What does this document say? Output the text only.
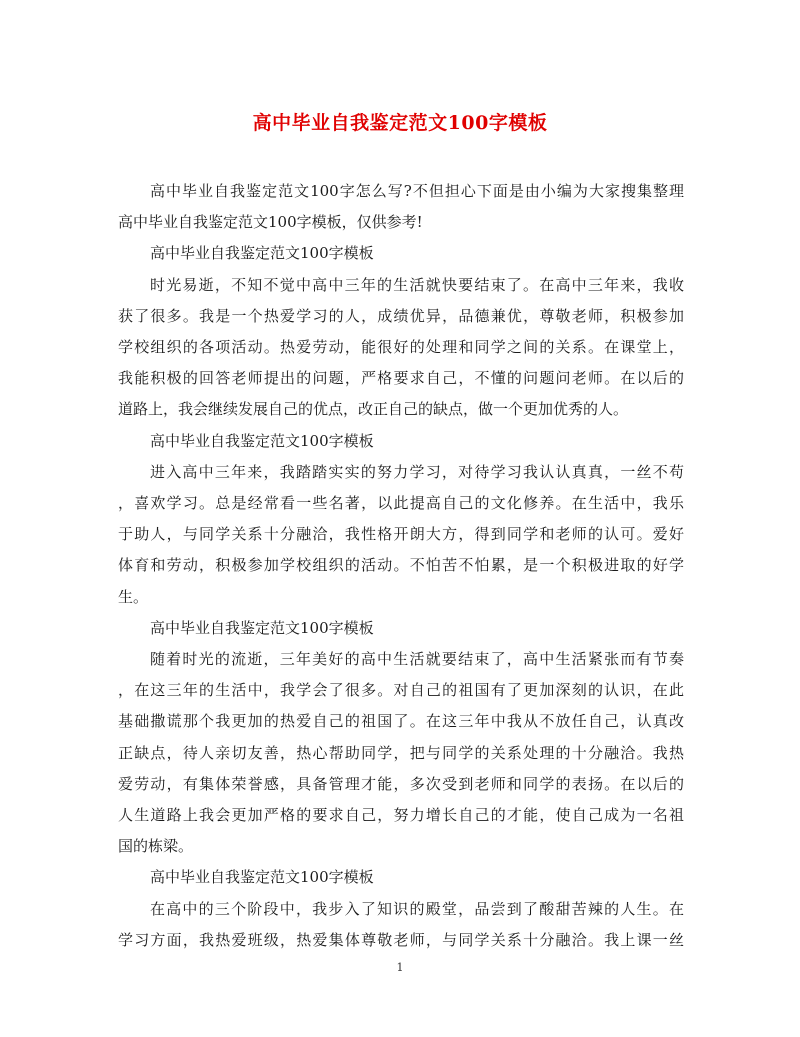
高中毕业自我鉴定范文100字模板
高中毕业自我鉴定范文100字怎么写?不但担心下面是由小编为大家搜集整理
高中毕业自我鉴定范文100字模板，仅供参考!
高中毕业自我鉴定范文100字模板
时光易逝，不知不觉中高中三年的生活就快要结束了。在高中三年来，我收
获了很多。我是一个热爱学习的人，成绩优异，品德兼优，尊敬老师，积极参加
学校组织的各项活动。热爱劳动，能很好的处理和同学之间的关系。在课堂上，
我能积极的回答老师提出的问题，严格要求自己，不懂的问题问老师。在以后的
道路上，我会继续发展自己的优点，改正自己的缺点，做一个更加优秀的人。
高中毕业自我鉴定范文100字模板
进入高中三年来，我踏踏实实的努力学习，对待学习我认认真真，一丝不苟
，喜欢学习。总是经常看一些名著，以此提高自己的文化修养。在生活中，我乐
于助人，与同学关系十分融洽，我性格开朗大方，得到同学和老师的认可。爱好
体育和劳动，积极参加学校组织的活动。不怕苦不怕累，是一个积极进取的好学
生。
高中毕业自我鉴定范文100字模板
随着时光的流逝，三年美好的高中生活就要结束了，高中生活紧张而有节奏
，在这三年的生活中，我学会了很多。对自己的祖国有了更加深刻的认识，在此
基础撒谎那个我更加的热爱自己的祖国了。在这三年中我从不放任自己，认真改
正缺点，待人亲切友善，热心帮助同学，把与同学的关系处理的十分融洽。我热
爱劳动，有集体荣誉感，具备管理才能，多次受到老师和同学的表扬。在以后的
人生道路上我会更加严格的要求自己，努力增长自己的才能，使自己成为一名祖
国的栋梁。
高中毕业自我鉴定范文100字模板
在高中的三个阶段中，我步入了知识的殿堂，品尝到了酸甜苦辣的人生。在
学习方面，我热爱班级，热爱集体尊敬老师，与同学关系十分融洽。我上课一丝
1
